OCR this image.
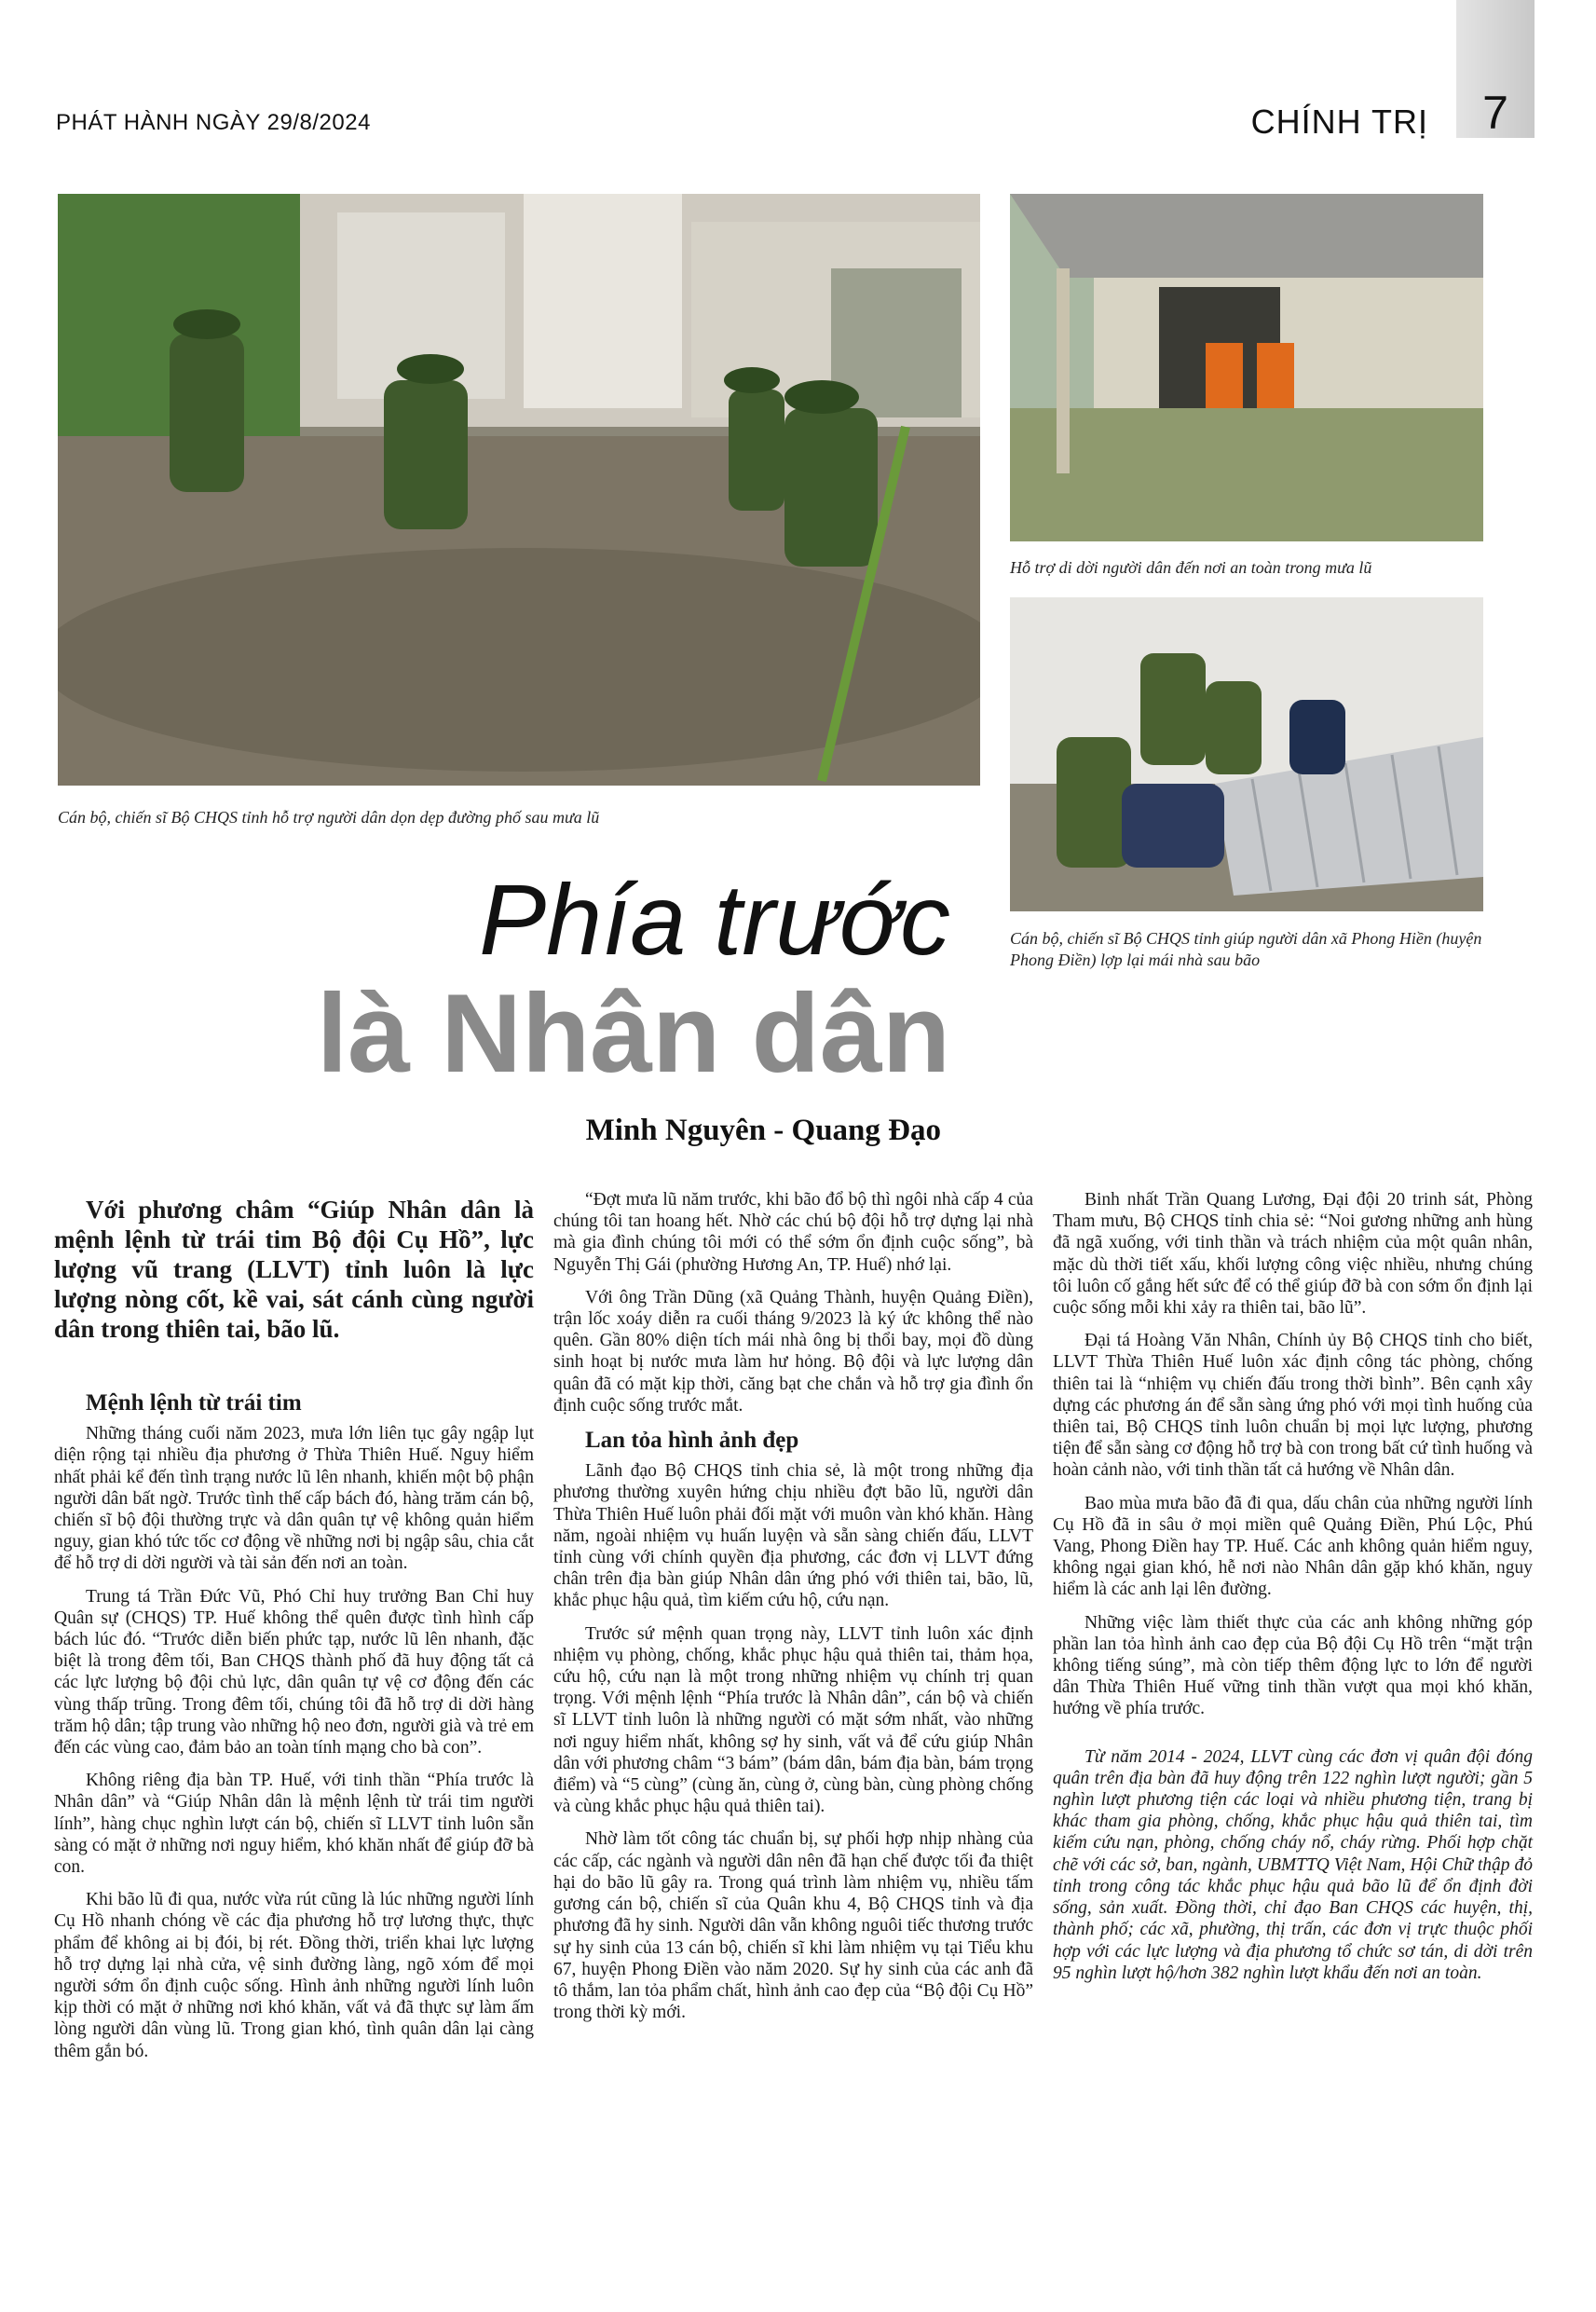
PHÁT HÀNH NGÀY 29/8/2024	CHÍNH TRỊ	7
Cán bộ, chiến sĩ Bộ CHQS tỉnh hỗ trợ người dân dọn dẹp đường phố sau mưa lũ
Hỗ trợ di dời người dân đến nơi an toàn trong mưa lũ
Cán bộ, chiến sĩ Bộ CHQS tỉnh giúp người dân xã Phong Hiền (huyện Phong Điền) lợp lại mái nhà sau bão
Phía trước
là Nhân dân
Minh Nguyên - Quang Đạo
Với phương châm “Giúp Nhân dân là mệnh lệnh từ trái tim Bộ đội Cụ Hồ”, lực lượng vũ trang (LLVT) tỉnh luôn là lực lượng nòng cốt, kề vai, sát cánh cùng người dân trong thiên tai, bão lũ.
Mệnh lệnh từ trái tim

Những tháng cuối năm 2023, mưa lớn liên tục gây ngập lụt diện rộng tại nhiều địa phương ở Thừa Thiên Huế. Nguy hiểm nhất phải kể đến tình trạng nước lũ lên nhanh, khiến một bộ phận người dân bất ngờ. Trước tình thế cấp bách đó, hàng trăm cán bộ, chiến sĩ bộ đội thường trực và dân quân tự vệ không quản hiểm nguy, gian khó tức tốc cơ động về những nơi bị ngập sâu, chia cắt để hỗ trợ di dời người và tài sản đến nơi an toàn.

Trung tá Trần Đức Vũ, Phó Chỉ huy trưởng Ban Chỉ huy Quân sự (CHQS) TP. Huế không thể quên được tình hình cấp bách lúc đó. “Trước diễn biến phức tạp, nước lũ lên nhanh, đặc biệt là trong đêm tối, Ban CHQS thành phố đã huy động tất cả các lực lượng bộ đội chủ lực, dân quân tự vệ cơ động đến các vùng thấp trũng. Trong đêm tối, chúng tôi đã hỗ trợ di dời hàng trăm hộ dân; tập trung vào những hộ neo đơn, người già và trẻ em đến các vùng cao, đảm bảo an toàn tính mạng cho bà con”.

Không riêng địa bàn TP. Huế, với tinh thần “Phía trước là Nhân dân” và “Giúp Nhân dân là mệnh lệnh từ trái tim người lính”, hàng chục nghìn lượt cán bộ, chiến sĩ LLVT tỉnh luôn sẵn sàng có mặt ở những nơi nguy hiểm, khó khăn nhất để giúp đỡ bà con.

Khi bão lũ đi qua, nước vừa rút cũng là lúc những người lính Cụ Hồ nhanh chóng về các địa phương hỗ trợ lương thực, thực phẩm để không ai bị đói, bị rét. Đồng thời, triển khai lực lượng hỗ trợ dựng lại nhà cửa, vệ sinh đường làng, ngõ xóm để mọi người sớm ổn định cuộc sống. Hình ảnh những người lính luôn kịp thời có mặt ở những nơi khó khăn, vất vả đã thực sự làm ấm lòng người dân vùng lũ. Trong gian khó, tình quân dân lại càng thêm gắn bó.

“Đợt mưa lũ năm trước, khi bão đổ bộ thì ngôi nhà cấp 4 của chúng tôi tan hoang hết. Nhờ các chú bộ đội hỗ trợ dựng lại nhà mà gia đình chúng tôi mới có thể sớm ổn định cuộc sống”, bà Nguyễn Thị Gái (phường Hương An, TP. Huế) nhớ lại.

Với ông Trần Dũng (xã Quảng Thành, huyện Quảng Điền), trận lốc xoáy diễn ra cuối tháng 9/2023 là ký ức không thể nào quên. Gần 80% diện tích mái nhà ông bị thổi bay, mọi đồ dùng sinh hoạt bị nước mưa làm hư hỏng. Bộ đội và lực lượng dân quân đã có mặt kịp thời, căng bạt che chắn và hỗ trợ gia đình ổn định cuộc sống trước mắt.

Lan tỏa hình ảnh đẹp

Lãnh đạo Bộ CHQS tỉnh chia sẻ, là một trong những địa phương thường xuyên hứng chịu nhiều đợt bão lũ, người dân Thừa Thiên Huế luôn phải đối mặt với muôn vàn khó khăn. Hàng năm, ngoài nhiệm vụ huấn luyện và sẵn sàng chiến đấu, LLVT tỉnh cùng với chính quyền địa phương, các đơn vị LLVT đứng chân trên địa bàn giúp Nhân dân ứng phó với thiên tai, bão, lũ, khắc phục hậu quả, tìm kiếm cứu hộ, cứu nạn.

Trước sứ mệnh quan trọng này, LLVT tỉnh luôn xác định nhiệm vụ phòng, chống, khắc phục hậu quả thiên tai, thảm họa, cứu hộ, cứu nạn là một trong những nhiệm vụ chính trị quan trọng. Với mệnh lệnh “Phía trước là Nhân dân”, cán bộ và chiến sĩ LLVT tỉnh luôn là những người có mặt sớm nhất, vào những nơi nguy hiểm nhất, không sợ hy sinh, vất vả để cứu giúp Nhân dân với phương châm “3 bám” (bám dân, bám địa bàn, bám trọng điểm) và “5 cùng” (cùng ăn, cùng ở, cùng bàn, cùng phòng chống và cùng khắc phục hậu quả thiên tai).

Nhờ làm tốt công tác chuẩn bị, sự phối hợp nhịp nhàng của các cấp, các ngành và người dân nên đã hạn chế được tối đa thiệt hại do bão lũ gây ra. Trong quá trình làm nhiệm vụ, nhiều tấm gương cán bộ, chiến sĩ của Quân khu 4, Bộ CHQS tỉnh và địa phương đã hy sinh. Người dân vẫn không nguôi tiếc thương trước sự hy sinh của 13 cán bộ, chiến sĩ khi làm nhiệm vụ tại Tiểu khu 67, huyện Phong Điền vào năm 2020. Sự hy sinh của các anh đã tô thắm, lan tỏa phẩm chất, hình ảnh cao đẹp của “Bộ đội Cụ Hồ” trong thời kỳ mới.

Binh nhất Trần Quang Lương, Đại đội 20 trinh sát, Phòng Tham mưu, Bộ CHQS tỉnh chia sẻ: “Noi gương những anh hùng đã ngã xuống, với tinh thần và trách nhiệm của một quân nhân, mặc dù thời tiết xấu, khối lượng công việc nhiều, nhưng chúng tôi luôn cố gắng hết sức để có thể giúp đỡ bà con sớm ổn định lại cuộc sống mỗi khi xảy ra thiên tai, bão lũ”.

Đại tá Hoàng Văn Nhân, Chính ủy Bộ CHQS tỉnh cho biết, LLVT Thừa Thiên Huế luôn xác định công tác phòng, chống thiên tai là “nhiệm vụ chiến đấu trong thời bình”. Bên cạnh xây dựng các phương án để sẵn sàng ứng phó với mọi tình huống của thiên tai, Bộ CHQS tỉnh luôn chuẩn bị mọi lực lượng, phương tiện để sẵn sàng cơ động hỗ trợ bà con trong bất cứ tình huống và hoàn cảnh nào, với tinh thần tất cả hướng về Nhân dân.

Bao mùa mưa bão đã đi qua, dấu chân của những người lính Cụ Hồ đã in sâu ở mọi miền quê Quảng Điền, Phú Lộc, Phú Vang, Phong Điền hay TP. Huế. Các anh không quản hiểm nguy, không ngại gian khó, hễ nơi nào Nhân dân gặp khó khăn, nguy hiểm là các anh lại lên đường.

Những việc làm thiết thực của các anh không những góp phần lan tỏa hình ảnh cao đẹp của Bộ đội Cụ Hồ trên “mặt trận không tiếng súng”, mà còn tiếp thêm động lực to lớn để người dân Thừa Thiên Huế vững tinh thần vượt qua mọi khó khăn, hướng về phía trước.

Từ năm 2014 - 2024, LLVT cùng các đơn vị quân đội đóng quân trên địa bàn đã huy động trên 122 nghìn lượt người; gần 5 nghìn lượt phương tiện các loại và nhiều phương tiện, trang bị khác tham gia phòng, chống, khắc phục hậu quả thiên tai, tìm kiếm cứu nạn, phòng, chống cháy nổ, cháy rừng. Phối hợp chặt chẽ với các sở, ban, ngành, UBMTTQ Việt Nam, Hội Chữ thập đỏ tỉnh trong công tác khắc phục hậu quả bão lũ để ổn định đời sống, sản xuất. Đồng thời, chỉ đạo Ban CHQS các huyện, thị, thành phố; các xã, phường, thị trấn, các đơn vị trực thuộc phối hợp với các lực lượng và địa phương tổ chức sơ tán, di dời trên 95 nghìn lượt hộ/hơn 382 nghìn lượt khẩu đến nơi an toàn.
